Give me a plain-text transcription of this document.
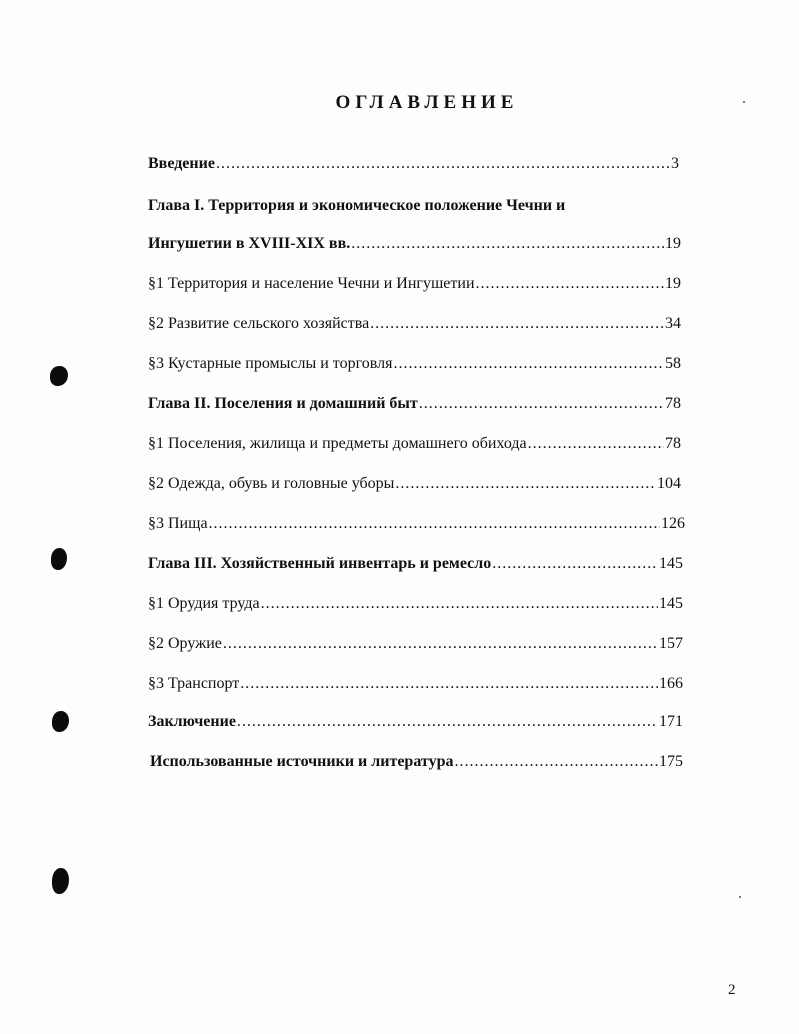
ОГЛАВЛЕНИЕ
Введение .....	3
Глава I. Территория и экономическое положение Чечни и
Ингушетии в XVIII-XIX вв. .....	19
§1 Территория и население Чечни и Ингушетии .....	19
§2 Развитие сельского хозяйства .....	34
§3 Кустарные промыслы и торговля .....	58
Глава II. Поселения и домашний быт .....	78
§1 Поселения, жилища и предметы домашнего обихода .....	78
§2 Одежда, обувь и головные уборы .....	104
§3 Пища .....	126
Глава III. Хозяйственный инвентарь и ремесло .....	145
§1 Орудия труда .....	145
§2 Оружие .....	157
§3 Транспорт .....	166
Заключение .....	171
Использованные источники и литература .....	175
2
